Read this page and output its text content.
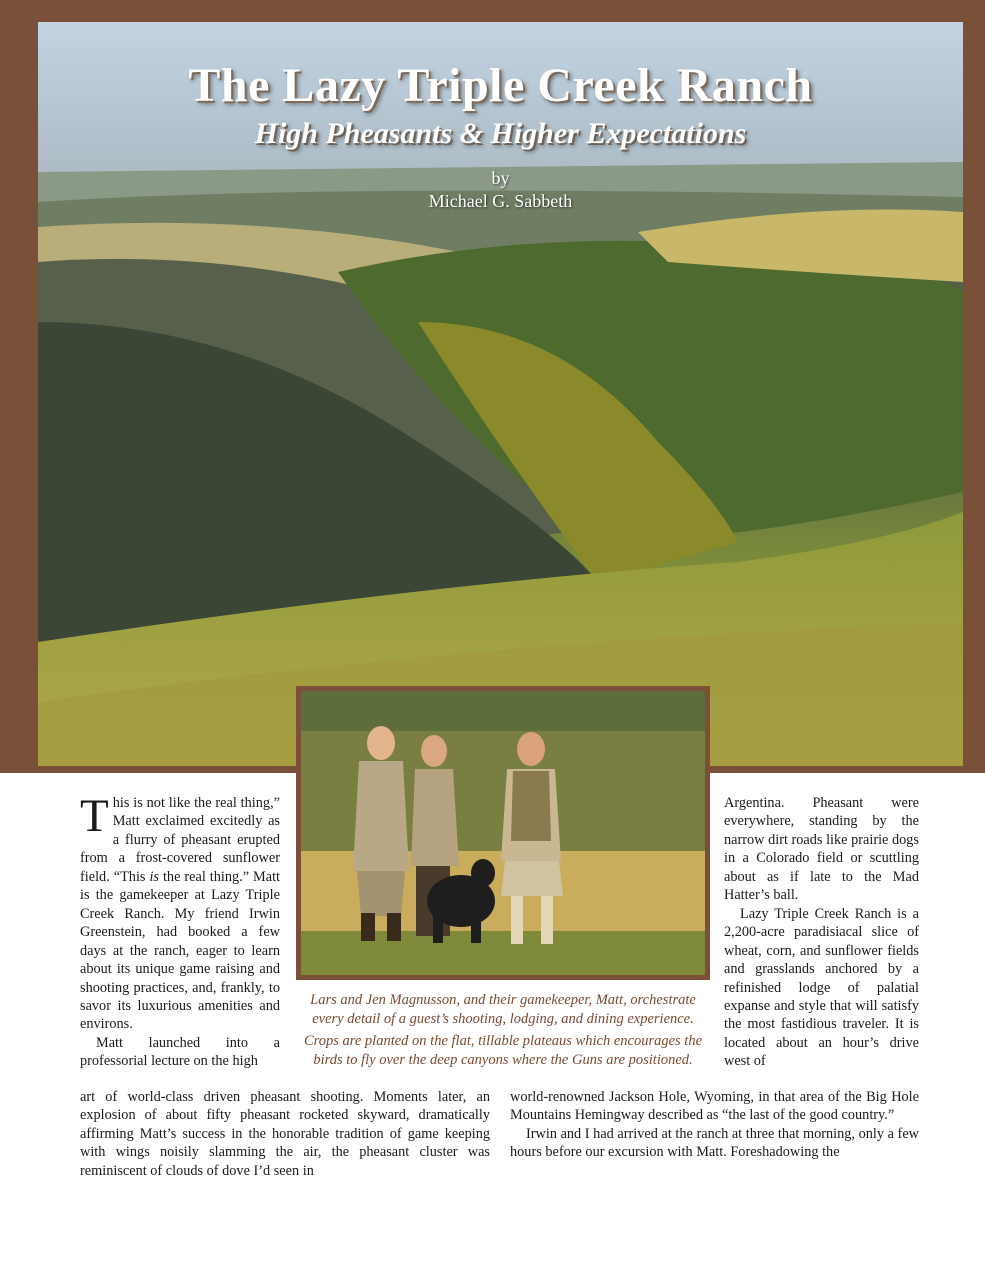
The Lazy Triple Creek Ranch
High Pheasants & Higher Expectations
by
Michael G. Sabbeth

Lars and Jen Magnusson, and their gamekeeper, Matt, orchestrate every detail of a guest’s shooting, lodging, and dining experience.

Crops are planted on the flat, tillable plateaus which encourages the birds to fly over the deep canyons where the Guns are positioned.

This is not like the real thing,” Matt exclaimed excitedly as a flurry of pheasant erupted from a frost-covered sunflower field. “This is the real thing.” Matt is the gamekeeper at Lazy Triple Creek Ranch. My friend Irwin Greenstein, had booked a few days at the ranch, eager to learn about its unique game raising and shooting practices, and, frankly, to savor its luxurious amenities and environs.

Matt launched into a professorial lecture on the high

art of world-class driven pheasant shooting. Moments later, an explosion of about fifty pheasant rocketed skyward, dramatically affirming Matt’s success in the honorable tradition of game keeping with wings noisily slamming the air, the pheasant cluster was reminiscent of clouds of dove I’d seen in

Argentina. Pheasant were everywhere, standing by the narrow dirt roads like prairie dogs in a Colorado field or scuttling about as if late to the Mad Hatter’s ball.

Lazy Triple Creek Ranch is a 2,200-acre paradisiacal slice of wheat, corn, and sunflower fields and grasslands anchored by a refinished lodge of palatial expanse and style that will satisfy the most fastidious traveler. It is located about an hour’s drive west of

world-renowned Jackson Hole, Wyoming, in that area of the Big Hole Mountains Hemingway described as “the last of the good country.”

Irwin and I had arrived at the ranch at three that morning, only a few hours before our excursion with Matt. Foreshadowing the
